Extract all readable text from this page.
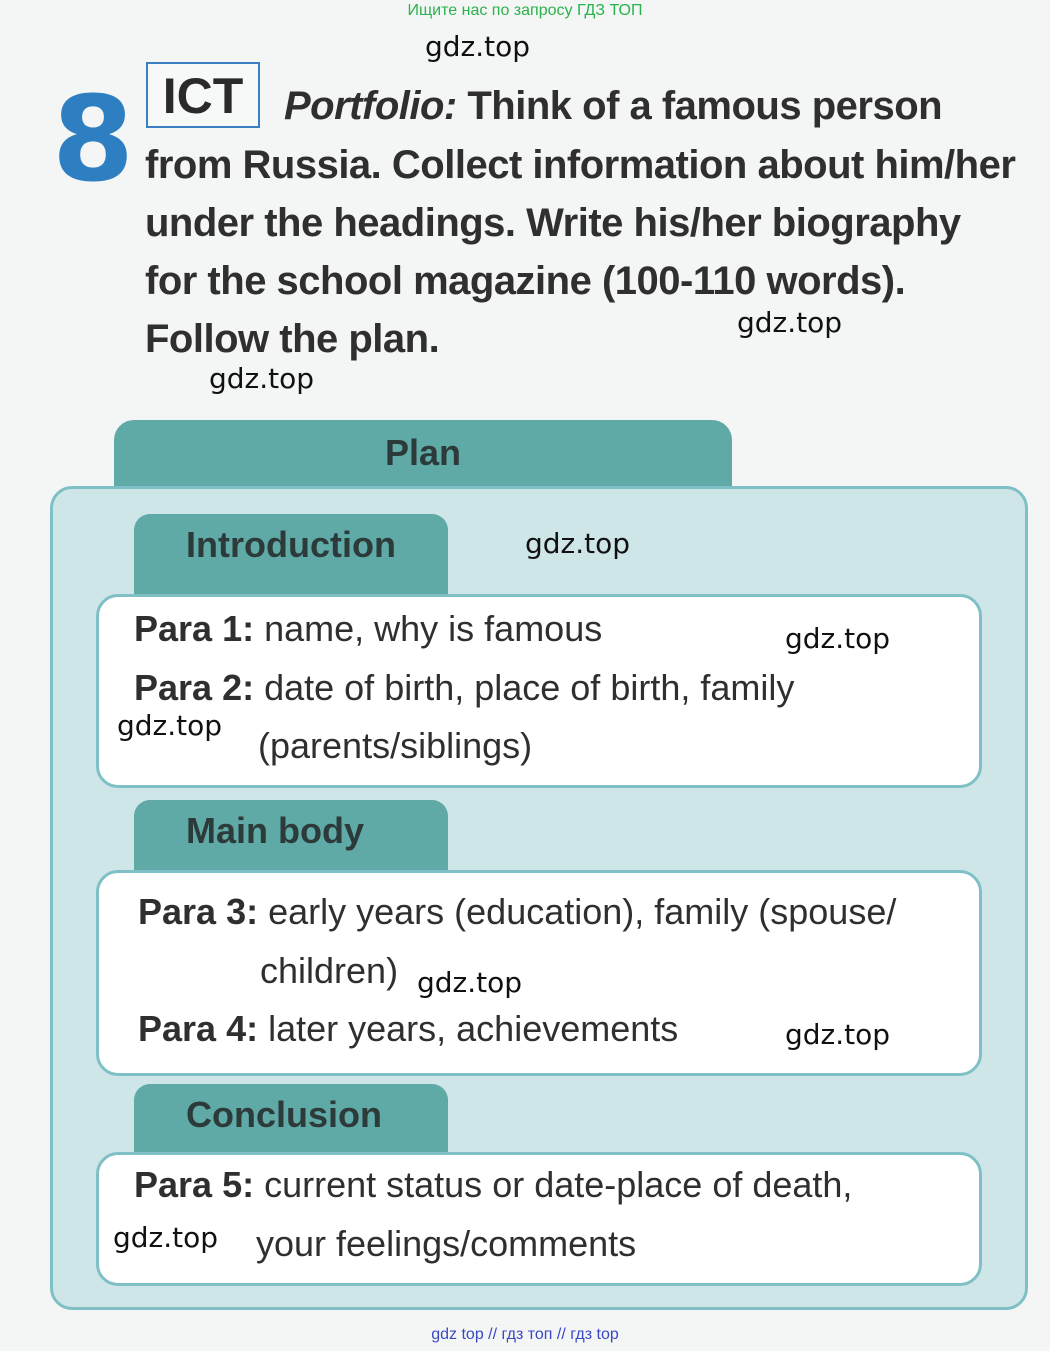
Ищите нас по запросу ГДЗ ТОП
8 ICT	Portfolio: Think of a famous person
from Russia. Collect information about him/her
under the headings. Write his/her biography
for the school magazine (100-110 words).
Follow the plan.
Plan
Introduction
Para 1: name, why is famous
Para 2: date of birth, place of birth, family
(parents/siblings)
Main body
Para 3: early years (education), family (spouse/
children)
Para 4: later years, achievements
Conclusion
Para 5: current status or date-place of death,
your feelings/comments
gdz.top
gdz.top
gdz.top
gdz.top
gdz.top
gdz.top
gdz.top
gdz.top
gdz.top
gdz top // гдз топ // гдз top
